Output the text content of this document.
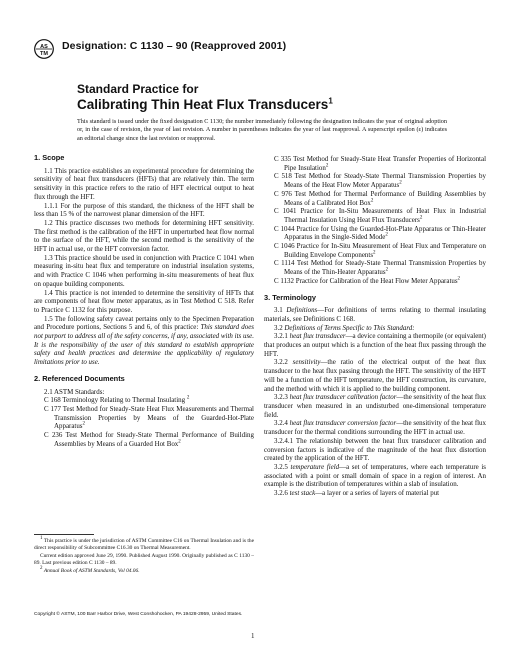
AS
TM
Designation: C 1130 – 90 (Reapproved 2001)
Standard Practice for
Calibrating Thin Heat Flux Transducers$^1$
This standard is issued under the fixed designation C 1130; the number immediately following the designation indicates the year of original adoption or, in the case of revision, the year of last revision. A number in parentheses indicates the year of last reapproval. A superscript epsilon (ε) indicates an editorial change since the last revision or reapproval.
1. Scope

1.1 This practice establishes an experimental procedure for determining the sensitivity of heat flux transducers (HFTs) that are relatively thin. The term sensitivity in this practice refers to the ratio of HFT electrical output to heat flux through the HFT.

1.1.1 For the purpose of this standard, the thickness of the HFT shall be less than 15 % of the narrowest planar dimension of the HFT.

1.2 This practice discusses two methods for determining HFT sensitivity. The first method is the calibration of the HFT in unperturbed heat flow normal to the surface of the HFT, while the second method is the sensitivity of the HFT in actual use, or the HFT conversion factor.

1.3 This practice should be used in conjunction with Practice C 1041 when measuring in-situ heat flux and temperature on industrial insulation systems, and with Practice C 1046 when performing in-situ measurements of heat flux on opaque building components.

1.4 This practice is not intended to determine the sensitivity of HFTs that are components of heat flow meter apparatus, as in Test Method C 518. Refer to Practice C 1132 for this purpose.

1.5 The following safety caveat pertains only to the Specimen Preparation and Procedure portions, Sections 5 and 6, of this practice: This standard does not purport to address all of the safety concerns, if any, associated with its use. It is the responsibility of the user of this standard to establish appropriate safety and health practices and determine the applicability of regulatory limitations prior to use.

2. Referenced Documents

2.1 ASTM Standards:

C 168 Terminology Relating to Thermal Insulating $^2$

C 177 Test Method for Steady-State Heat Flux Measurements and Thermal Transmission Properties by Means of the Guarded-Hot-Plate Apparatus$^2$

C 236 Test Method for Steady-State Thermal Performance of Building Assemblies by Means of a Guarded Hot Box$^2$

$^1$ This practice is under the jurisdiction of ASTM Committee C16 on Thermal Insulation and is the direct responsibility of Subcommittee C16.30 on Thermal Measurement.

Current edition approved June 29, 1990. Published August 1990. Originally published as C 1130 – 89. Last previous edition C 1130 – 89.

$^2$ Annual Book of ASTM Standards, Vol 04.06.

C 335 Test Method for Steady-State Heat Transfer Properties of Horizontal Pipe Insulation$^2$

C 518 Test Method for Steady-State Thermal Transmission Properties by Means of the Heat Flow Meter Apparatus$^2$

C 976 Test Method for Thermal Performance of Building Assemblies by Means of a Calibrated Hot Box$^2$

C 1041 Practice for In-Situ Measurements of Heat Flux in Industrial Thermal Insulation Using Heat Flux Transducers$^2$

C 1044 Practice for Using the Guarded-Hot-Plate Apparatus or Thin-Heater Apparatus in the Single-Sided Mode$^2$

C 1046 Practice for In-Situ Measurement of Heat Flux and Temperature on Building Envelope Components$^2$

C 1114 Test Method for Steady-State Thermal Transmission Properties by Means of the Thin-Heater Apparatus$^2$

C 1132 Practice for Calibration of the Heat Flow Meter Apparatus$^2$

3. Terminology

3.1 Definitions—For definitions of terms relating to thermal insulating materials, see Definitions C 168.

3.2 Definitions of Terms Specific to This Standard:

3.2.1 heat flux transducer—a device containing a thermopile (or equivalent) that produces an output which is a function of the heat flux passing through the HFT.

3.2.2 sensitivity—the ratio of the electrical output of the heat flux transducer to the heat flux passing through the HFT. The sensitivity of the HFT will be a function of the HFT temperature, the HFT construction, its curvature, and the method with which it is applied to the building component.

3.2.3 heat flux transducer calibration factor—the sensitivity of the heat flux transducer when measured in an undisturbed one-dimensional temperature field.

3.2.4 heat flux transducer conversion factor—the sensitivity of the heat flux transducer for the thermal conditions surrounding the HFT in actual use.

3.2.4.1 The relationship between the heat flux transducer calibration and conversion factors is indicative of the magnitude of the heat flux distortion created by the application of the HFT.

3.2.5 temperature field—a set of temperatures, where each temperature is associated with a point or small domain of space in a region of interest. An example is the distribution of temperatures within a slab of insulation.

3.2.6 test stack—a layer or a series of layers of material put

Copyright © ASTM, 100 Barr Harbor Drive, West Conshohocken, PA 19428-2959, United States.
1
